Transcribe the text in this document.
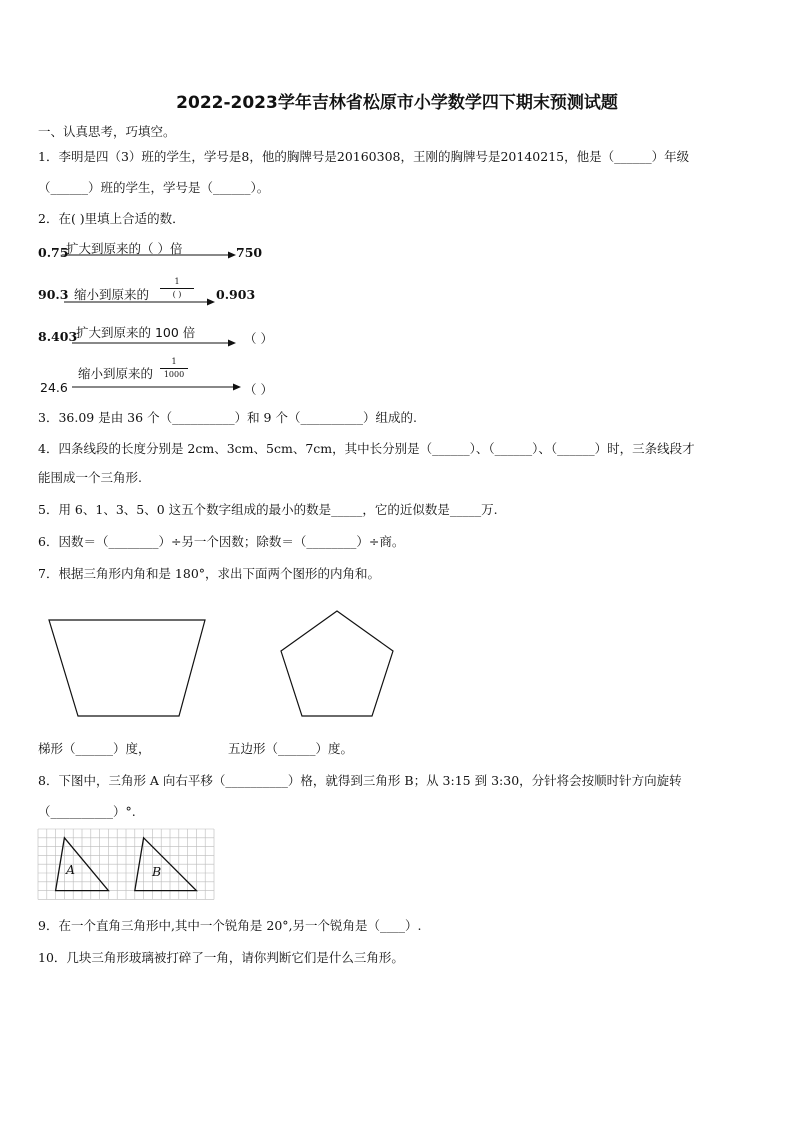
2022-2023学年吉林省松原市小学数学四下期末预测试题
一、认真思考，巧填空。
1．李明是四（3）班的学生，学号是8，他的胸牌号是20160308，王刚的胸牌号是20140215，他是（______）年级
（______）班的学生，学号是（______）。
2．在( )里填上合适的数．
0.75
扩大到原来的（ ）倍	750
90.3 缩小到原来的
1
( )	0.903
8.403
扩大到原来的 100 倍	（ ）
24.6
缩小到原来的
1
1000
（ ）
3．36.09 是由 36 个（__________）和 9 个（__________）组成的.
4．四条线段的长度分别是 2cm、3cm、5cm、7cm，其中长分别是（______）、（______）、（______）时，三条线段才
能围成一个三角形.
5．用 6、1、3、5、0 这五个数字组成的最小的数是_____，它的近似数是_____万.
6．因数＝（________）÷另一个因数；除数＝（________）÷商。
7．根据三角形内角和是 180°，求出下面两个图形的内角和。
梯形（______）度，	五边形（______）度。
8．下图中，三角形 A 向右平移（__________）格，就得到三角形 B；从 3:15 到 3:30，分针将会按顺时针方向旋转
（__________）°.
A	B
9．在一个直角三角形中,其中一个锐角是 20°,另一个锐角是（____）.
10．几块三角形玻璃被打碎了一角，请你判断它们是什么三角形。
